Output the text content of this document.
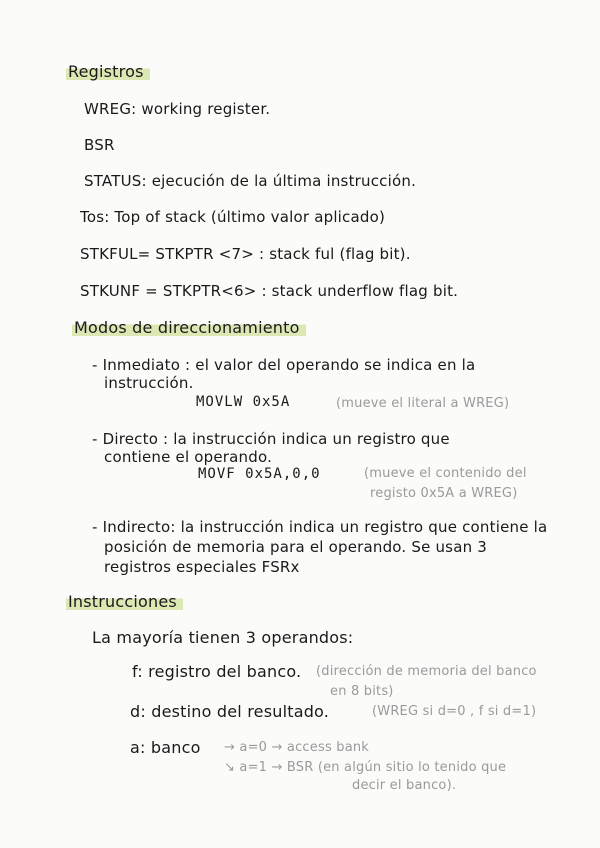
Registros
WREG: working register.
BSR
STATUS: ejecución de la última instrucción.
Tos: Top of stack (último valor aplicado)
STKFUL= STKPTR <7> : stack ful (flag bit).
STKUNF = STKPTR<6> : stack underflow flag bit.
Modos de direccionamiento
- Inmediato : el valor del operando se indica en la
instrucción.
MOVLW 0x5A	(mueve el literal a WREG)
- Directo : la instrucción indica un registro que
contiene el operando.
MOVF 0x5A,0,0	(mueve el contenido del
registo 0x5A a WREG)
- Indirecto: la instrucción indica un registro que contiene la
posición de memoria para el operando. Se usan 3
registros especiales FSRx
Instrucciones
La mayoría tienen 3 operandos:
f: registro del banco. (dirección de memoria del banco
en 8 bits)
d: destino del resultado.	(WREG si d=0 , f si d=1)
a: banco → a=0 → access bank
↘ a=1 → BSR (en algún sitio lo tenido que
decir el banco).
